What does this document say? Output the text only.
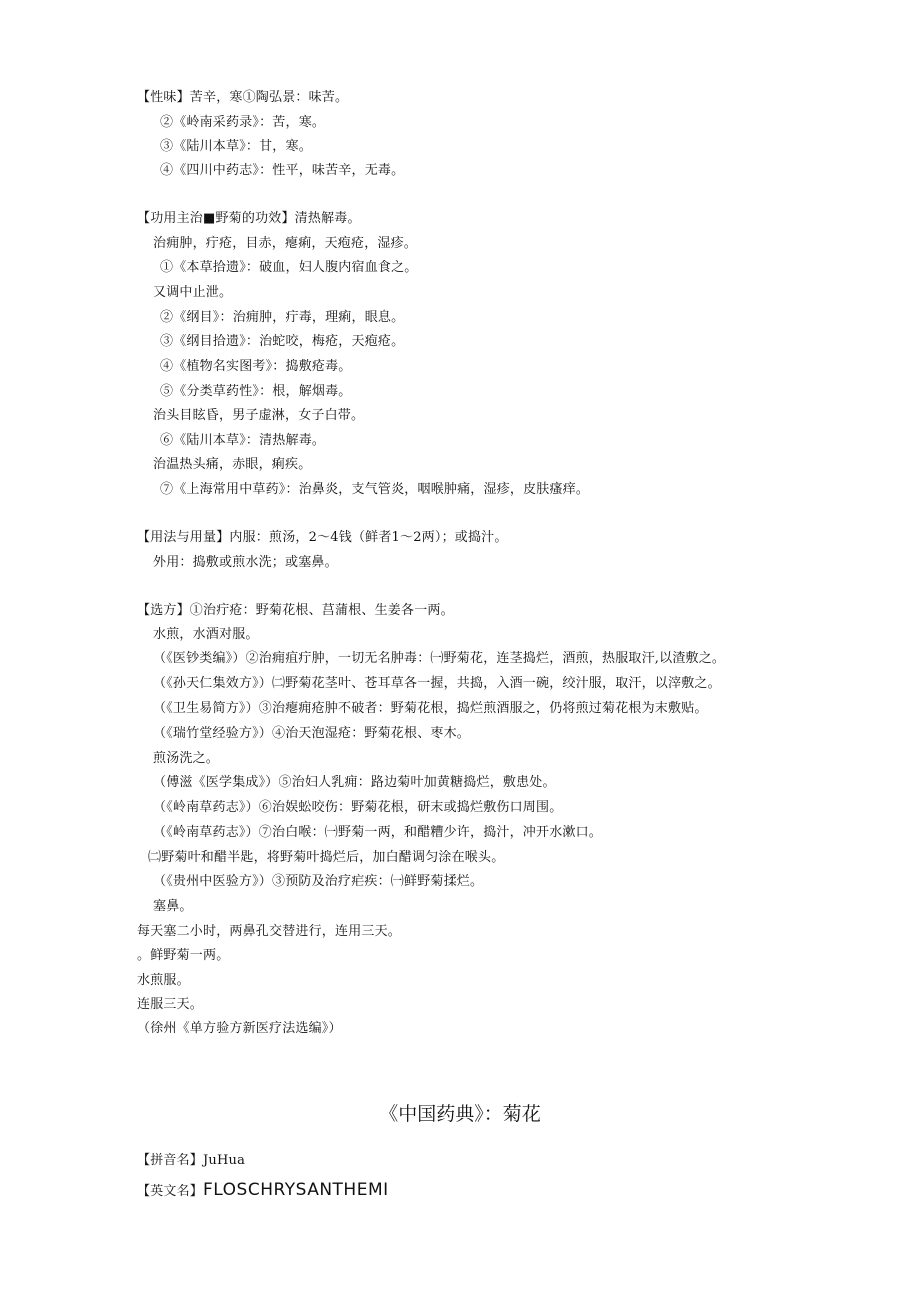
【性味】苦辛，寒①陶弘景：味苦。
②《岭南采药录》：苦，寒。
③《陆川本草》：甘，寒。
④《四川中药志》：性平，味苦辛，无毒。
【功用主治■野菊的功效】清热解毒。
治痈肿，疔疮，目赤，瘪痢，天疱疮，湿疹。
①《本草拾遗》：破血，妇人腹内宿血食之。
又调中止泄。
②《纲目》：治痈肿，疔毒，理痢，眼息。
③《纲目拾遗》：治蛇咬，梅疮，天疱疮。
④《植物名实图考》：捣敷疮毒。
⑤《分类草药性》：根，解烟毒。
治头目眩昏，男子虚淋，女子白带。
⑥《陆川本草》：清热解毒。
治温热头痛，赤眼，痢疾。
⑦《上海常用中草药》：治鼻炎，支气管炎，咽喉肿痛，湿疹，皮肤瘙痒。
【用法与用量】内服：煎汤，2〜4钱（鲜者1〜2两）；或捣汁。
外用：捣敷或煎水洗；或塞鼻。
【选方】①治疔疮：野菊花根、莒蒲根、生姜各一两。
水煎，水酒对服。
（《医钞类编》）②治痈疽疔肿，一切无名肿毒：㈠野菊花，连茎捣烂，酒煎，热服取汗,以渣敷之。
（《孙天仁集效方》）㈡野菊花茎叶、苍耳草各一握，共捣，入酒一碗，绞汁服，取汗，以滓敷之。
（《卫生易简方》）③治瘪痈疮肿不破者：野菊花根，捣烂煎酒服之，仍将煎过菊花根为末敷贴。
（《瑞竹堂经验方》）④治天泡湿疮：野菊花根、枣木。
煎汤洗之。
（傅滋《医学集成》）⑤治妇人乳痈：路边菊叶加黄糖捣烂，敷患处。
（《岭南草药志》）⑥治娱蚣咬伤：野菊花根，研末或捣烂敷伤口周围。
（《岭南草药志》）⑦治白喉：㈠野菊一两，和醋糟少许，捣汁，冲开水漱口。
㈡野菊叶和醋半匙，将野菊叶捣烂后，加白醋调匀涂在喉头。
（《贵州中医验方》）③预防及治疗疟疾：㈠鲜野菊揉烂。
塞鼻。
每天塞二小时，两鼻孔交替进行，连用三天。
。鲜野菊一两。
水煎服。
连服三天。
（徐州《单方验方新医疗法选编》）
《中国药典》：菊花
【拼音名】JuHua
【英文名】FLOSCHRYSANTHEMI
